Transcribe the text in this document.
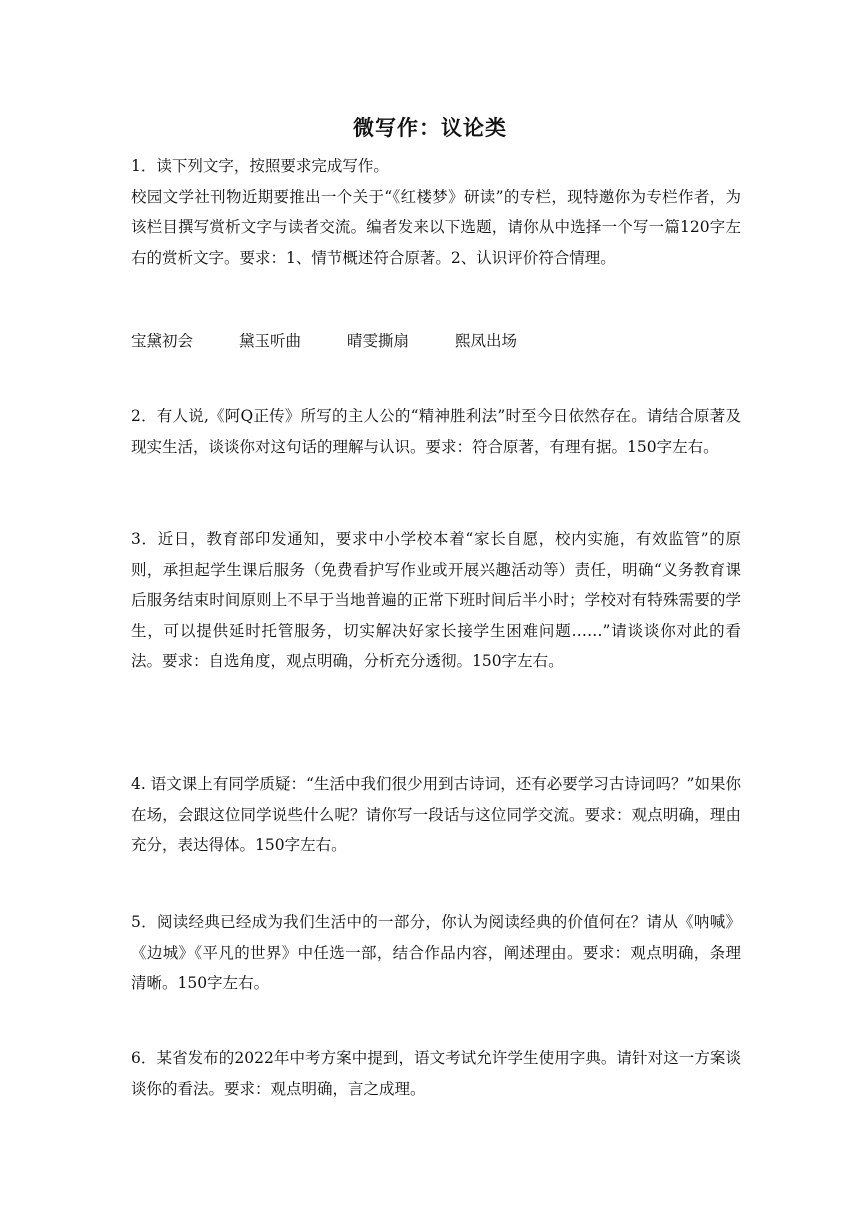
微写作：议论类

1．读下列文字，按照要求完成写作。

校园文学社刊物近期要推出一个关于“《红楼梦》研读”的专栏，现特邀你为专栏作者，为该栏目撰写赏析文字与读者交流。编者发来以下选题，请你从中选择一个写一篇120字左右的赏析文字。要求：1、情节概述符合原著。2、认识评价符合情理。

宝黛初会	黛玉听曲	晴雯撕扇	熙凤出场

2．有人说,《阿Q正传》所写的主人公的“精神胜利法”时至今日依然存在。请结合原著及现实生活，谈谈你对这句话的理解与认识。要求：符合原著，有理有据。150字左右。

3．近日，教育部印发通知，要求中小学校本着“家长自愿，校内实施，有效监管”的原则，承担起学生课后服务（免费看护写作业或开展兴趣活动等）责任，明确“义务教育课后服务结束时间原则上不早于当地普遍的正常下班时间后半小时；学校对有特殊需要的学生，可以提供延时托管服务，切实解决好家长接学生困难问题……”请谈谈你对此的看法。要求：自选角度，观点明确，分析充分透彻。150字左右。

4. 语文课上有同学质疑：“生活中我们很少用到古诗词，还有必要学习古诗词吗？”如果你在场，会跟这位同学说些什么呢？请你写一段话与这位同学交流。要求：观点明确，理由充分，表达得体。150字左右。

5．阅读经典已经成为我们生活中的一部分，你认为阅读经典的价值何在？请从《呐喊》《边城》《平凡的世界》中任选一部，结合作品内容，阐述理由。要求：观点明确，条理清晰。150字左右。

6．某省发布的2022年中考方案中提到，语文考试允许学生使用字典。请针对这一方案谈谈你的看法。要求：观点明确，言之成理。
